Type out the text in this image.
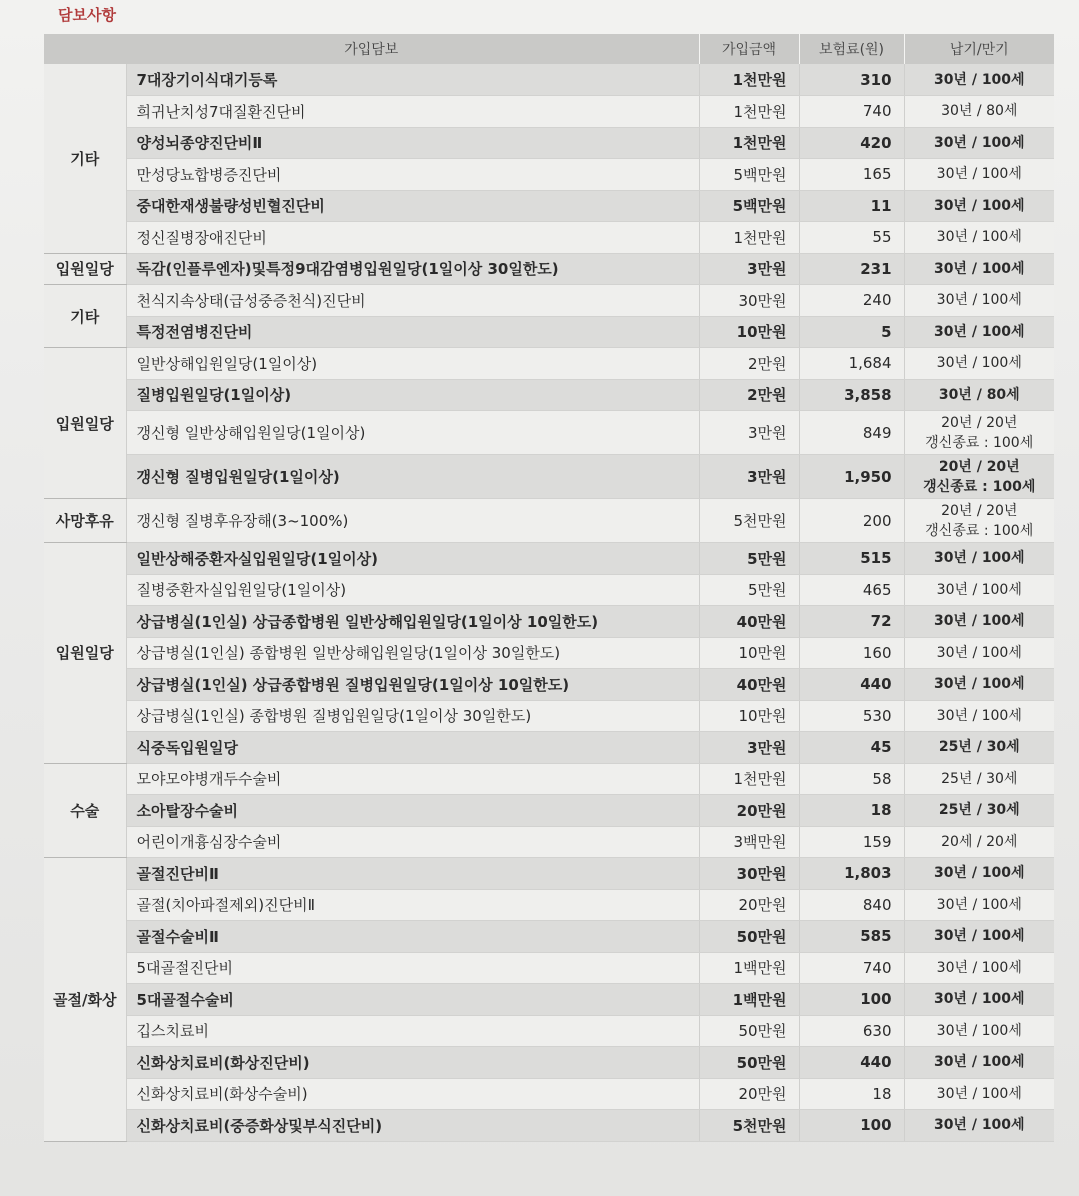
담보사항
가입담보		가입금액	보험료(원)	납기/만기
기타	7대장기이식대기등록	1천만원	310	30년 / 100세

	희귀난치성7대질환진단비	1천만원	740	30년 / 80세

	양성뇌종양진단비Ⅱ	1천만원	420	30년 / 100세

	만성당뇨합병증진단비	5백만원	165	30년 / 100세

	중대한재생불량성빈혈진단비	5백만원	11	30년 / 100세

	정신질병장애진단비	1천만원	55	30년 / 100세

입원일당	독감(인플루엔자)및특정9대감염병입원일당(1일이상 30일한도)	3만원	231	30년 / 100세

기타	천식지속상태(급성중증천식)진단비	30만원	240	30년 / 100세

	특정전염병진단비	10만원	5	30년 / 100세

입원일당	일반상해입원일당(1일이상)	2만원	1,684	30년 / 100세

	질병입원일당(1일이상)	2만원	3,858	30년 / 80세

	갱신형 일반상해입원일당(1일이상)	3만원	849	20년 / 20년
갱신종료 : 100세

	갱신형 질병입원일당(1일이상)	3만원	1,950	20년 / 20년
갱신종료 : 100세

사망후유	갱신형 질병후유장해(3~100%)	5천만원	200	20년 / 20년
갱신종료 : 100세

입원일당	일반상해중환자실입원일당(1일이상)	5만원	515	30년 / 100세

	질병중환자실입원일당(1일이상)	5만원	465	30년 / 100세

	상급병실(1인실) 상급종합병원 일반상해입원일당(1일이상 10일한도)	40만원	72	30년 / 100세

	상급병실(1인실) 종합병원 일반상해입원일당(1일이상 30일한도)	10만원	160	30년 / 100세

	상급병실(1인실) 상급종합병원 질병입원일당(1일이상 10일한도)	40만원	440	30년 / 100세

	상급병실(1인실) 종합병원 질병입원일당(1일이상 30일한도)	10만원	530	30년 / 100세

	식중독입원일당	3만원	45	25년 / 30세

수술	모야모야병개두수술비	1천만원	58	25년 / 30세

	소아탈장수술비	20만원	18	25년 / 30세

	어린이개흉심장수술비	3백만원	159	20세 / 20세

골절/화상	골절진단비Ⅱ	30만원	1,803	30년 / 100세

	골절(치아파절제외)진단비Ⅱ	20만원	840	30년 / 100세

	골절수술비Ⅱ	50만원	585	30년 / 100세

	5대골절진단비	1백만원	740	30년 / 100세

	5대골절수술비	1백만원	100	30년 / 100세

	깁스치료비	50만원	630	30년 / 100세

	신화상치료비(화상진단비)	50만원	440	30년 / 100세

	신화상치료비(화상수술비)	20만원	18	30년 / 100세

	신화상치료비(중증화상및부식진단비)	5천만원	100	30년 / 100세
